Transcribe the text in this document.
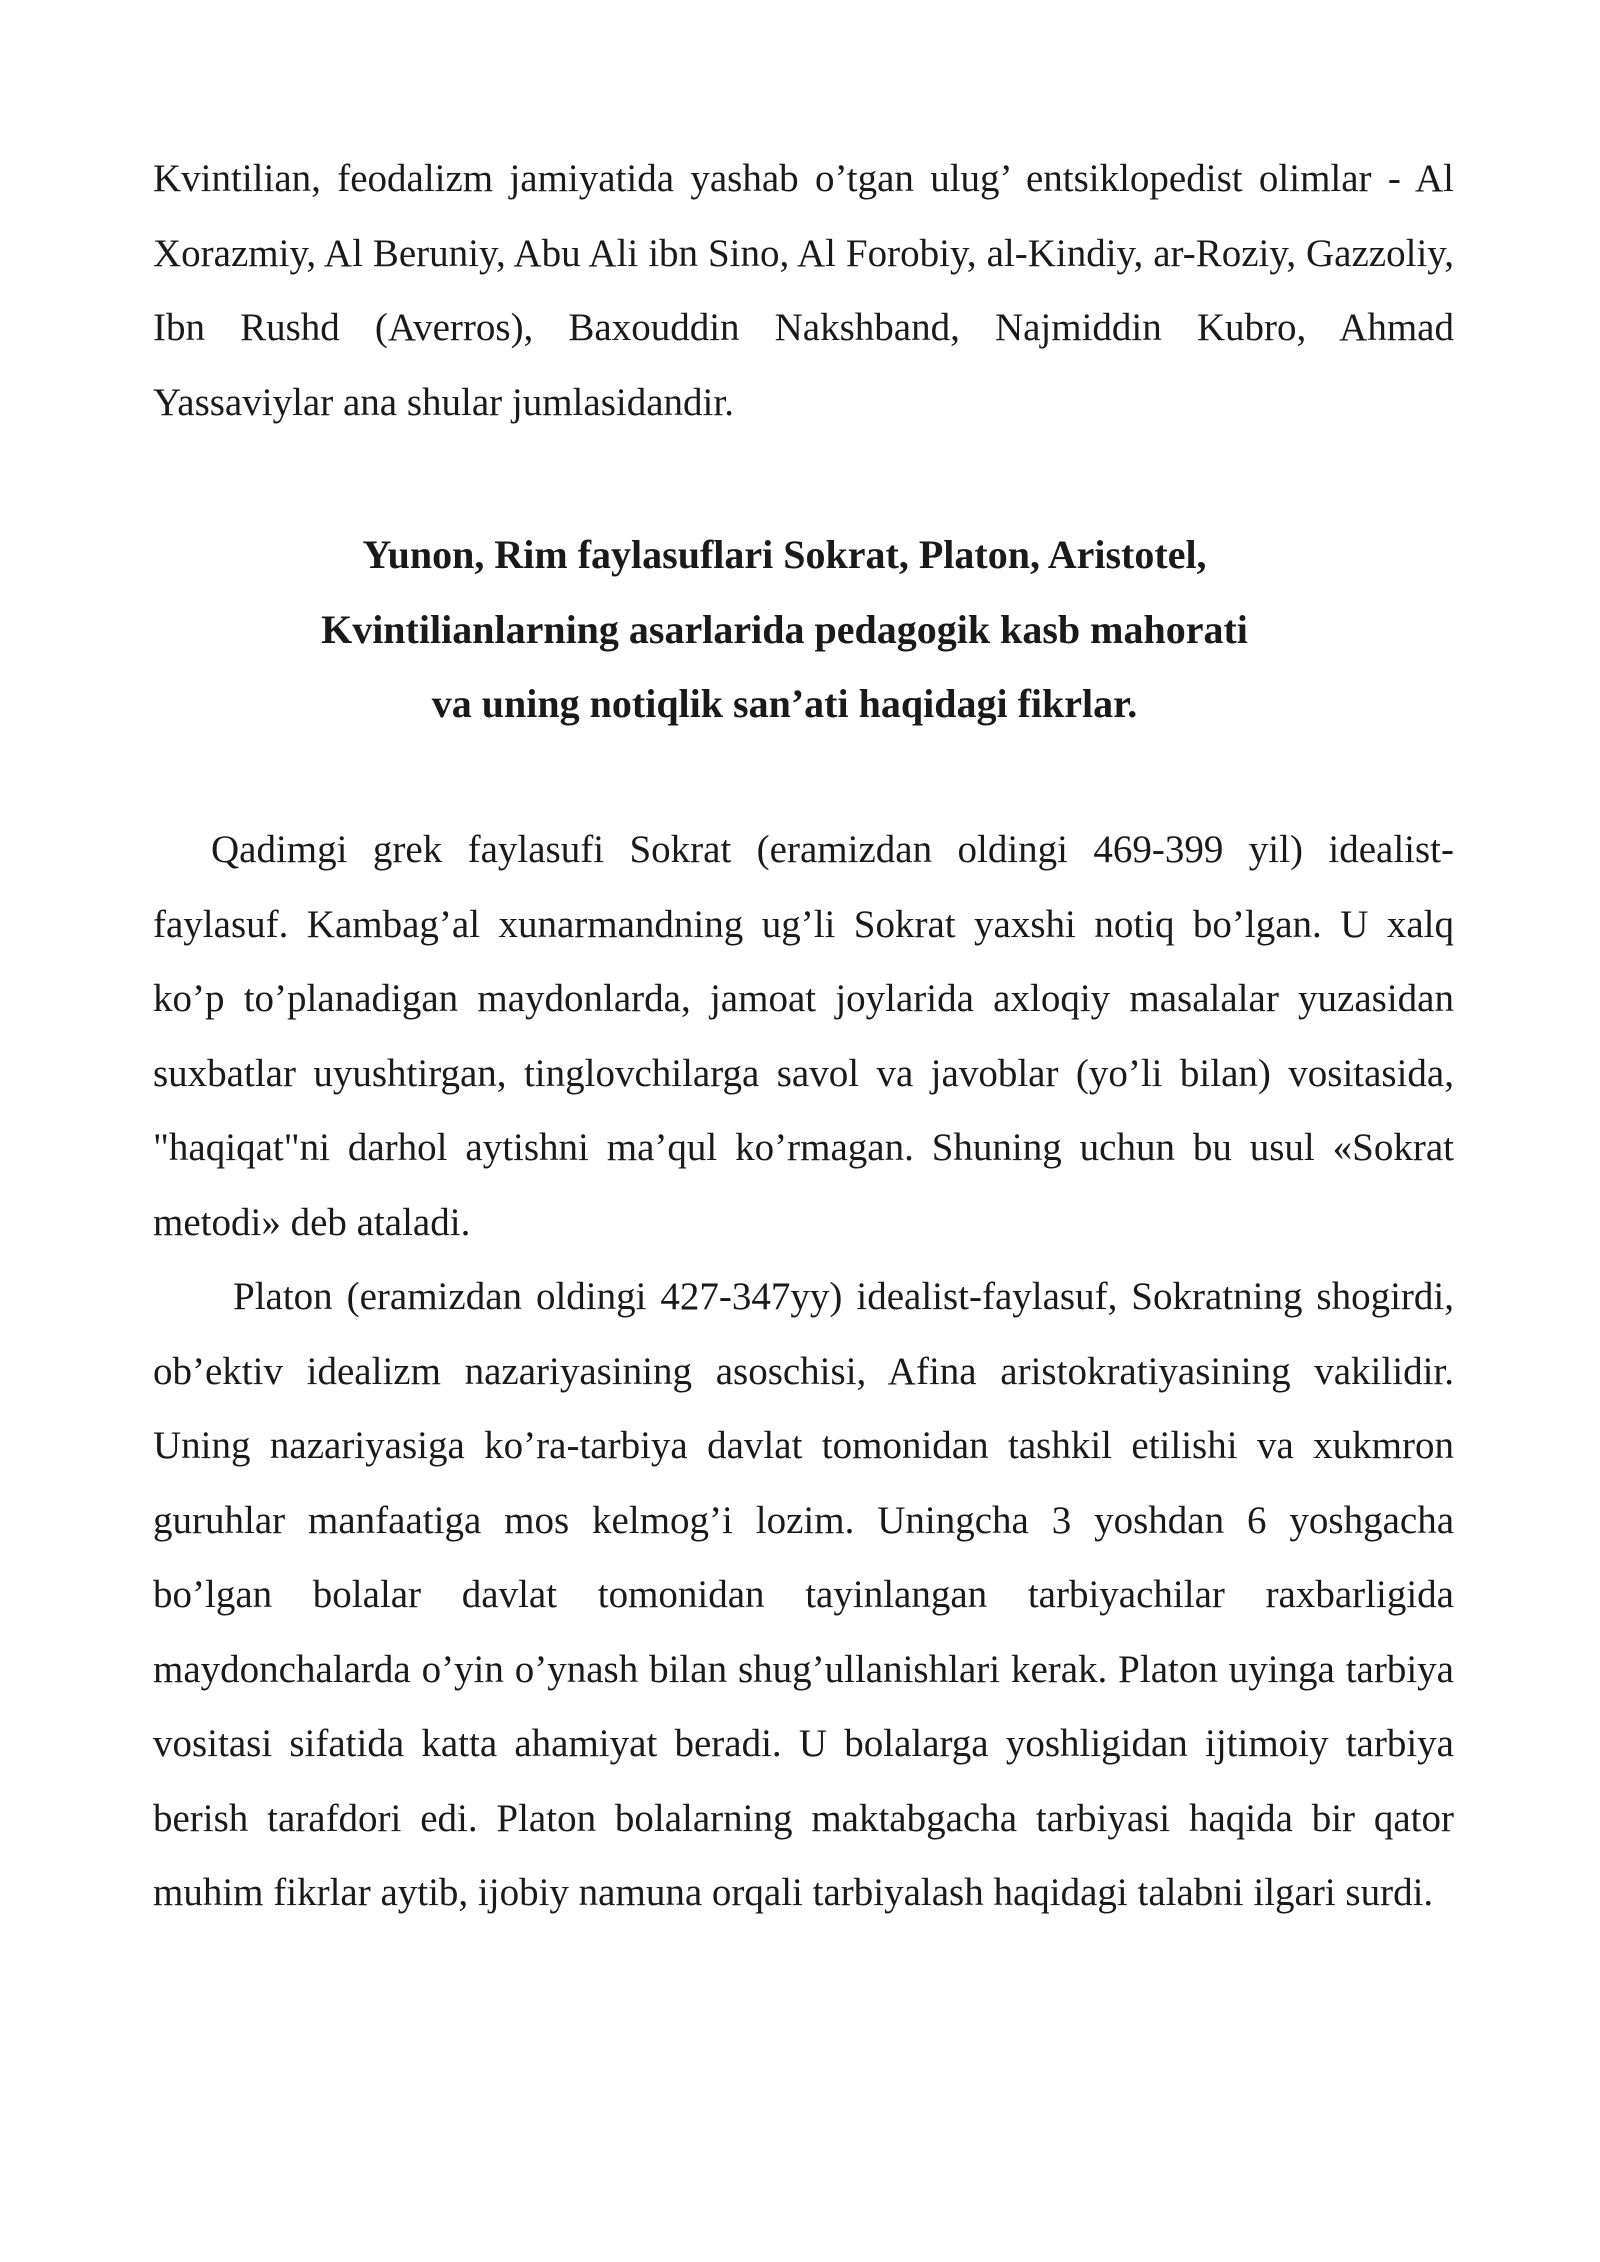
Kvintilian, feodalizm jamiyatida yashab o’tgan ulug’ entsiklopedist olimlar - Al Xorazmiy, Al Beruniy, Abu Ali ibn Sino, Al Forobiy, al-Kindiy, ar-Roziy, Gazzoliy, Ibn Rushd (Averros), Baxouddin Nakshband, Najmiddin Kubro, Ahmad Yassaviylar ana shular jumlasidandir.

Yunon, Rim faylasuflari Sokrat, Platon, Aristotel,
Kvintilianlarning asarlarida pedagogik kasb mahorati
va uning notiqlik san’ati haqidagi fikrlar.

Qadimgi grek faylasufi Sokrat (eramizdan oldingi 469-399 yil) idealist-faylasuf. Kambag’al xunarmandning ug’li Sokrat yaxshi notiq bo’lgan. U xalq ko’p to’planadigan maydonlarda, jamoat joylarida axloqiy masalalar yuzasidan suxbatlar uyushtirgan, tinglovchilarga savol va javoblar (yo’li bilan) vositasida, "haqiqat"ni darhol aytishni ma’qul ko’rmagan. Shuning uchun bu usul «Sokrat metodi» deb ataladi.

Platon (eramizdan oldingi 427-347yy) idealist-faylasuf, Sokratning shogirdi, ob’ektiv idealizm nazariyasining asoschisi, Afina aristokratiyasining vakilidir. Uning nazariyasiga ko’ra-tarbiya davlat tomonidan tashkil etilishi va xukmron guruhlar manfaatiga mos kelmog’i lozim. Uningcha 3 yoshdan 6 yoshgacha bo’lgan bolalar davlat tomonidan tayinlangan tarbiyachilar raxbarligida maydonchalarda o’yin o’ynash bilan shug’ullanishlari kerak. Platon uyinga tarbiya vositasi sifatida katta ahamiyat beradi. U bolalarga yoshligidan ijtimoiy tarbiya berish tarafdori edi. Platon bolalarning maktabgacha tarbiyasi haqida bir qator muhim fikrlar aytib, ijobiy namuna orqali tarbiyalash haqidagi talabni ilgari surdi.
